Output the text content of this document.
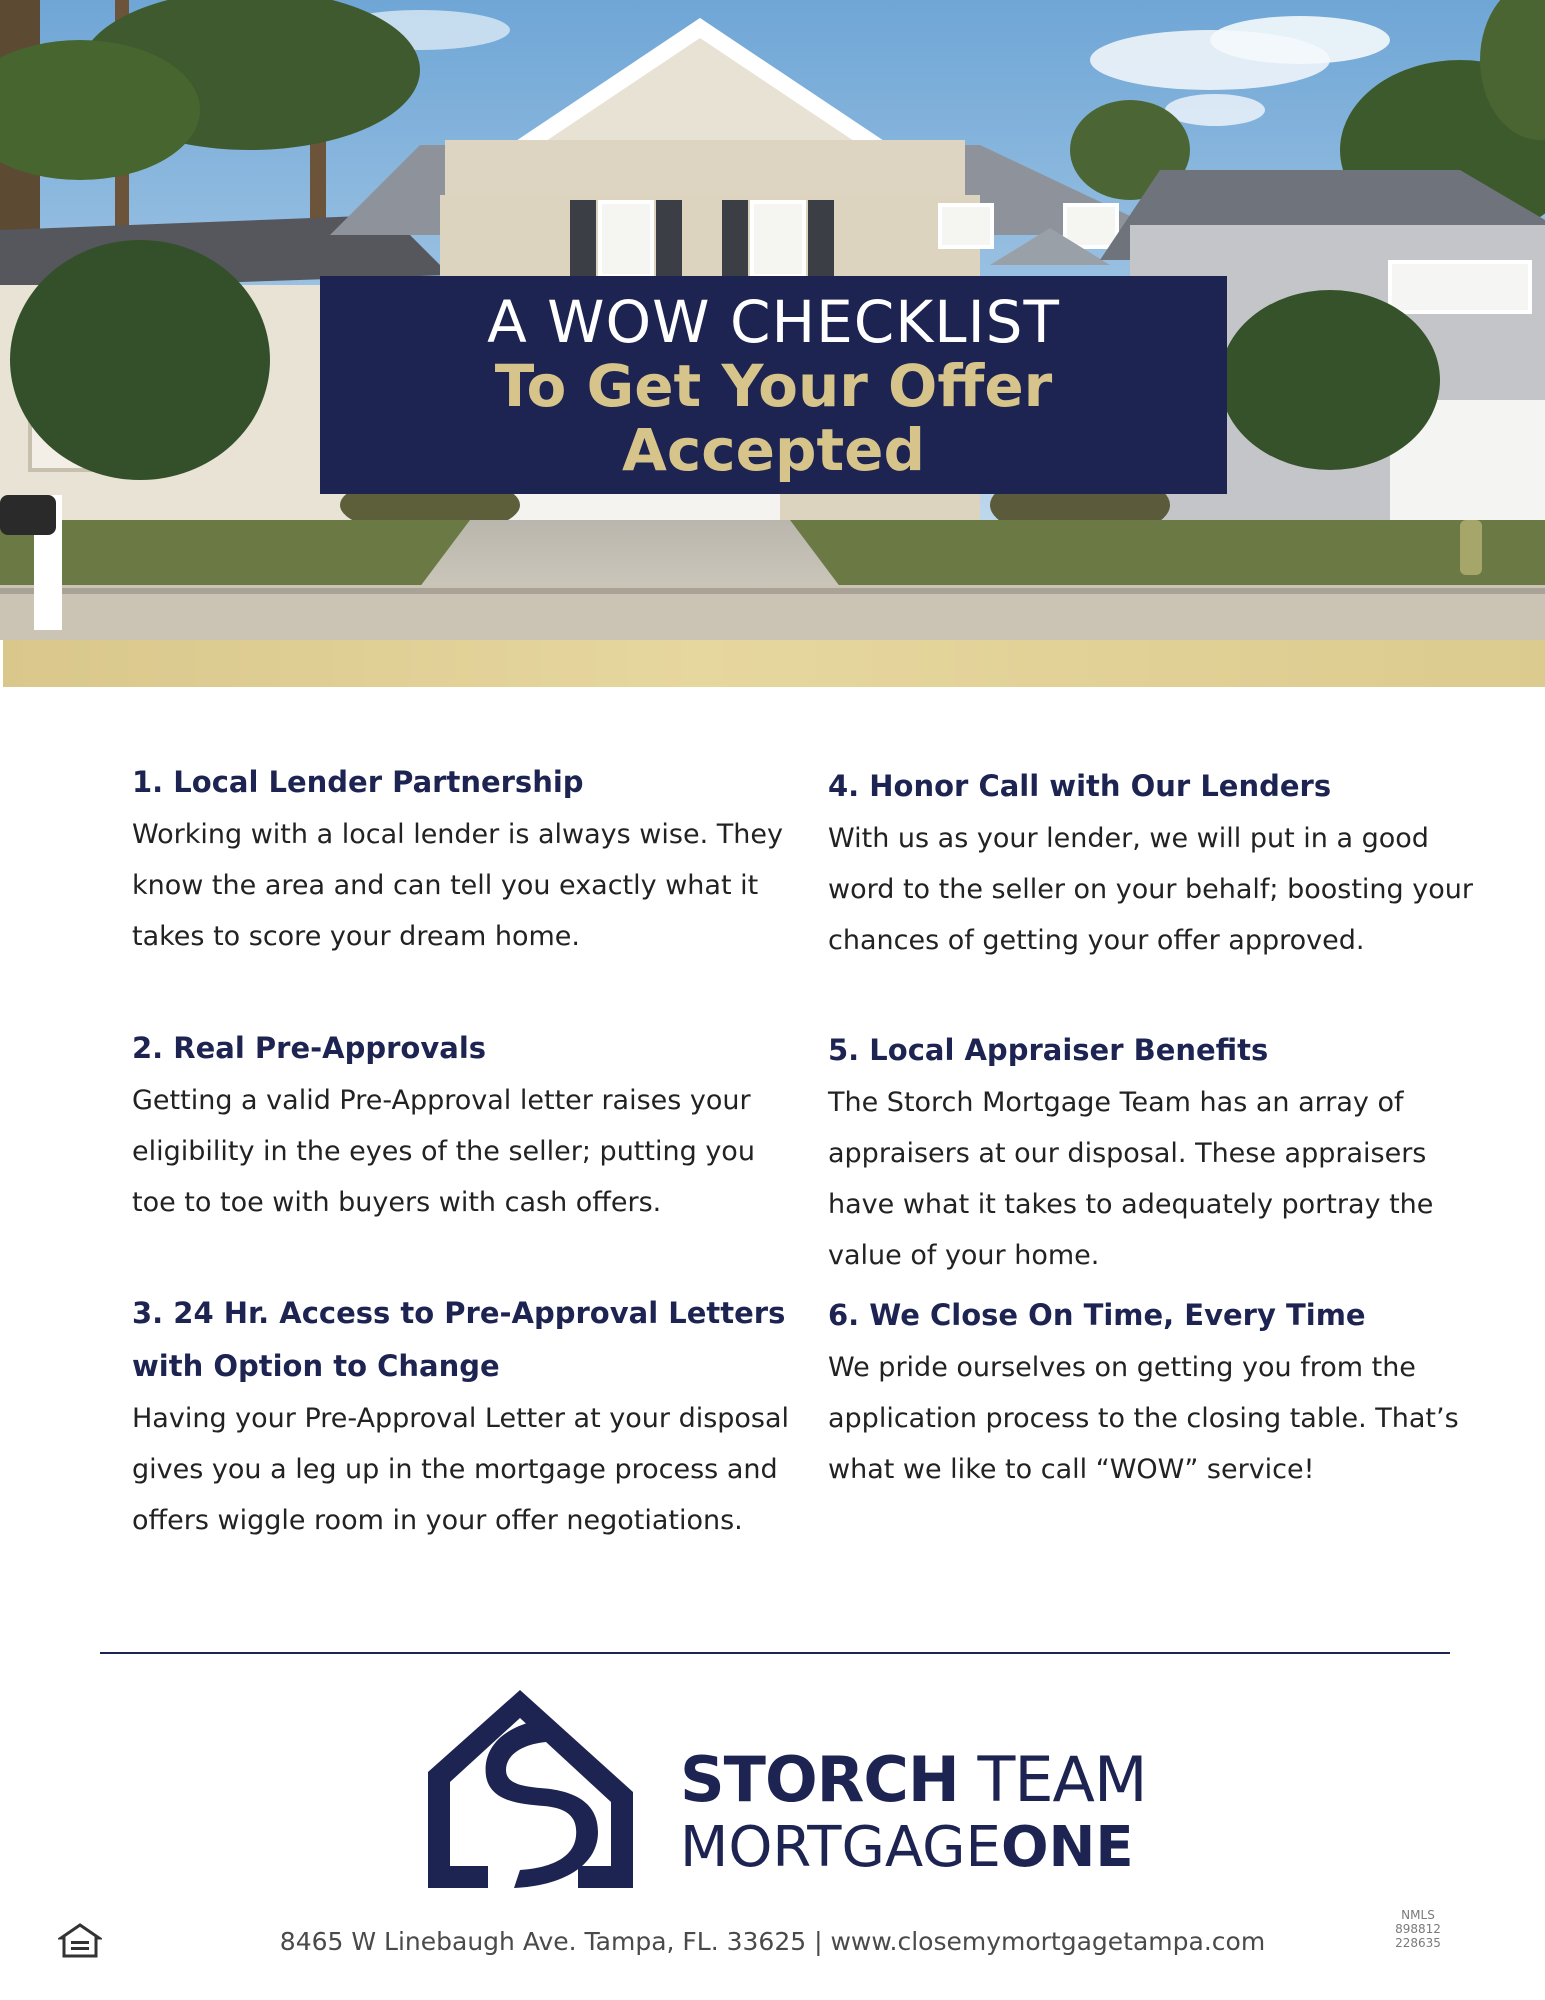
A WOW CHECKLIST
To Get Your Offer
Accepted
1. Local Lender Partnership

Working with a local lender is always wise. They know the area and can tell you exactly what it takes to score your dream home.

2. Real Pre-Approvals

Getting a valid Pre-Approval letter raises your eligibility in the eyes of the seller; putting you toe to toe with buyers with cash offers.

3. 24 Hr. Access to Pre-Approval Letters with Option to Change

Having your Pre-Approval Letter at your disposal gives you a leg up in the mortgage process and offers wiggle room in your offer negotiations.

4. Honor Call with Our Lenders

With us as your lender, we will put in a good word to the seller on your behalf; boosting your chances of getting your offer approved.

5. Local Appraiser Benefits

The Storch Mortgage Team has an array of appraisers at our disposal. These appraisers have what it takes to adequately portray the value of your home.

6. We Close On Time, Every Time

We pride ourselves on getting you from the application process to the closing table. That’s what we like to call “WOW” service!

STORCH TEAM
MORTGAGEONE
8465 W Linebaugh Ave. Tampa, FL. 33625 | www.closemymortgagetampa.com
NMLS
898812
228635
